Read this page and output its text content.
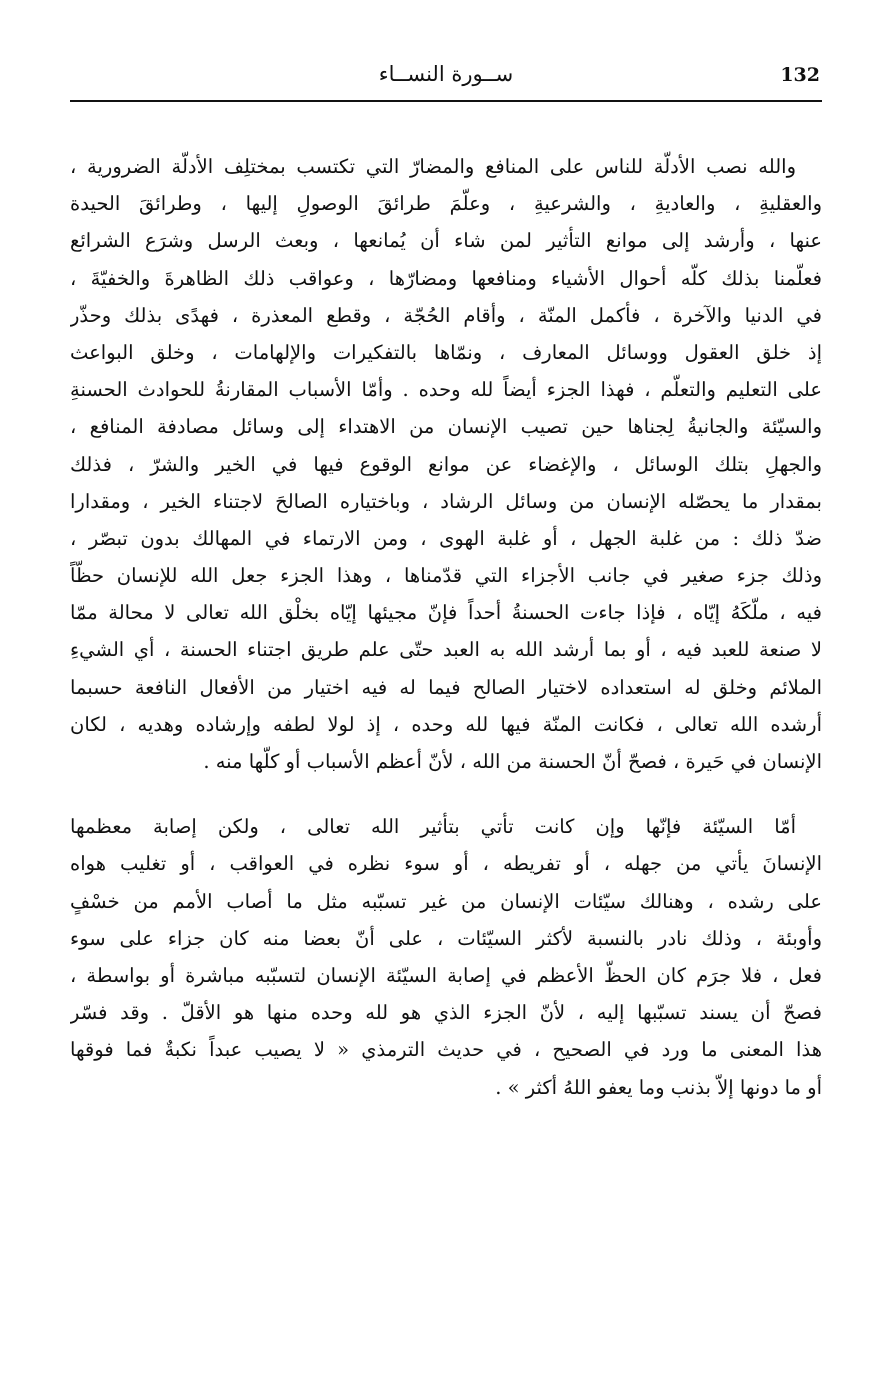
132
ســورة النســاء
والله نصب الأدلّة للناس على المنافع والمضارّ التي تكتسب بمختلِف الأدلّة الضرورية ،
والعقليةِ ، والعاديةِ ، والشرعيةِ ، وعلّمَ طرائقَ الوصولِ إليها ، وطرائقَ الحيدة
عنها ، وأرشد إلى موانع التأثير لمن شاء أن يُمانعها ، وبعث الرسل وشرَع الشرائع
فعلّمنا بذلك كلّه أحوال الأشياء ومنافعها ومضارّها ، وعواقب ذلك الظاهرةَ والخفيّةَ ،
في الدنيا والآخرة ، فأكمل المنّة ، وأقام الحُجّة ، وقطع المعذرة ، فهدًى بذلك وحذّر
إذ خلق العقول ووسائل المعارف ، ونمّاها بالتفكيرات والإلهامات ، وخلق البواعث
على التعليم والتعلّم ، فهذا الجزء أيضاً لله وحده . وأمّا الأسباب المقارنةُ للحوادث الحسنةِ
والسيّئة والجانيةُ لِجناها حين تصيب الإنسان من الاهتداء إلى وسائل مصادفة المنافع ،
والجهلِ بتلك الوسائل ، والإغضاء عن موانع الوقوع فيها في الخير والشرّ ، فذلك
بمقدار ما يحصّله الإنسان من وسائل الرشاد ، وباختياره الصالحَ لاجتناء الخير ، ومقدارا
ضدّ ذلك : من غلبة الجهل ، أو غلبة الهوى ، ومن الارتماء في المهالك بدون تبصّر ،
وذلك جزء صغير في جانب الأجزاء التي قدّمناها ، وهذا الجزء جعل الله للإنسان حظّاً
فيه ، ملّكَهُ إيّاه ، فإذا جاءت الحسنةُ أحداً فإنّ مجيئها إيّاه بخلْق الله تعالى لا محالة ممّا
لا صنعة للعبد فيه ، أو بما أرشد الله به العبد حتّى علم طريق اجتناء الحسنة ، أي الشيءِ
الملائم وخلق له استعداده لاختيار الصالح فيما له فيه اختيار من الأفعال النافعة حسبما
أرشده الله تعالى ، فكانت المنّة فيها لله وحده ، إذ لولا لطفه وإرشاده وهديه ، لكان
الإنسان في حَيرة ، فصحّ أنّ الحسنة من الله ، لأنّ أعظم الأسباب أو كلّها منه .
أمّا السيّئة فإنّها وإن كانت تأتي بتأثير الله تعالى ، ولكن إصابة معظمها
الإنسانَ يأتي من جهله ، أو تفريطه ، أو سوء نظره في العواقب ، أو تغليب هواه
على رشده ، وهنالك سيّئات الإنسان من غير تسبّبه مثل ما أصاب الأمم من خسْفٍ
وأوبئة ، وذلك نادر بالنسبة لأكثر السيّئات ، على أنّ بعضا منه كان جزاء على سوء
فعل ، فلا جرَم كان الحظّ الأعظم في إصابة السيّئة الإنسان لتسبّبه مباشرة أو بواسطة ،
فصحّ أن يسند تسبّبها إليه ، لأنّ الجزء الذي هو لله وحده منها هو الأقلّ . وقد فسّر
هذا المعنى ما ورد في الصحيح ، في حديث الترمذي « لا يصيب عبداً نكبةٌ فما فوقها
أو ما دونها إلاّ بذنب وما يعفو اللهُ أكثر » .
